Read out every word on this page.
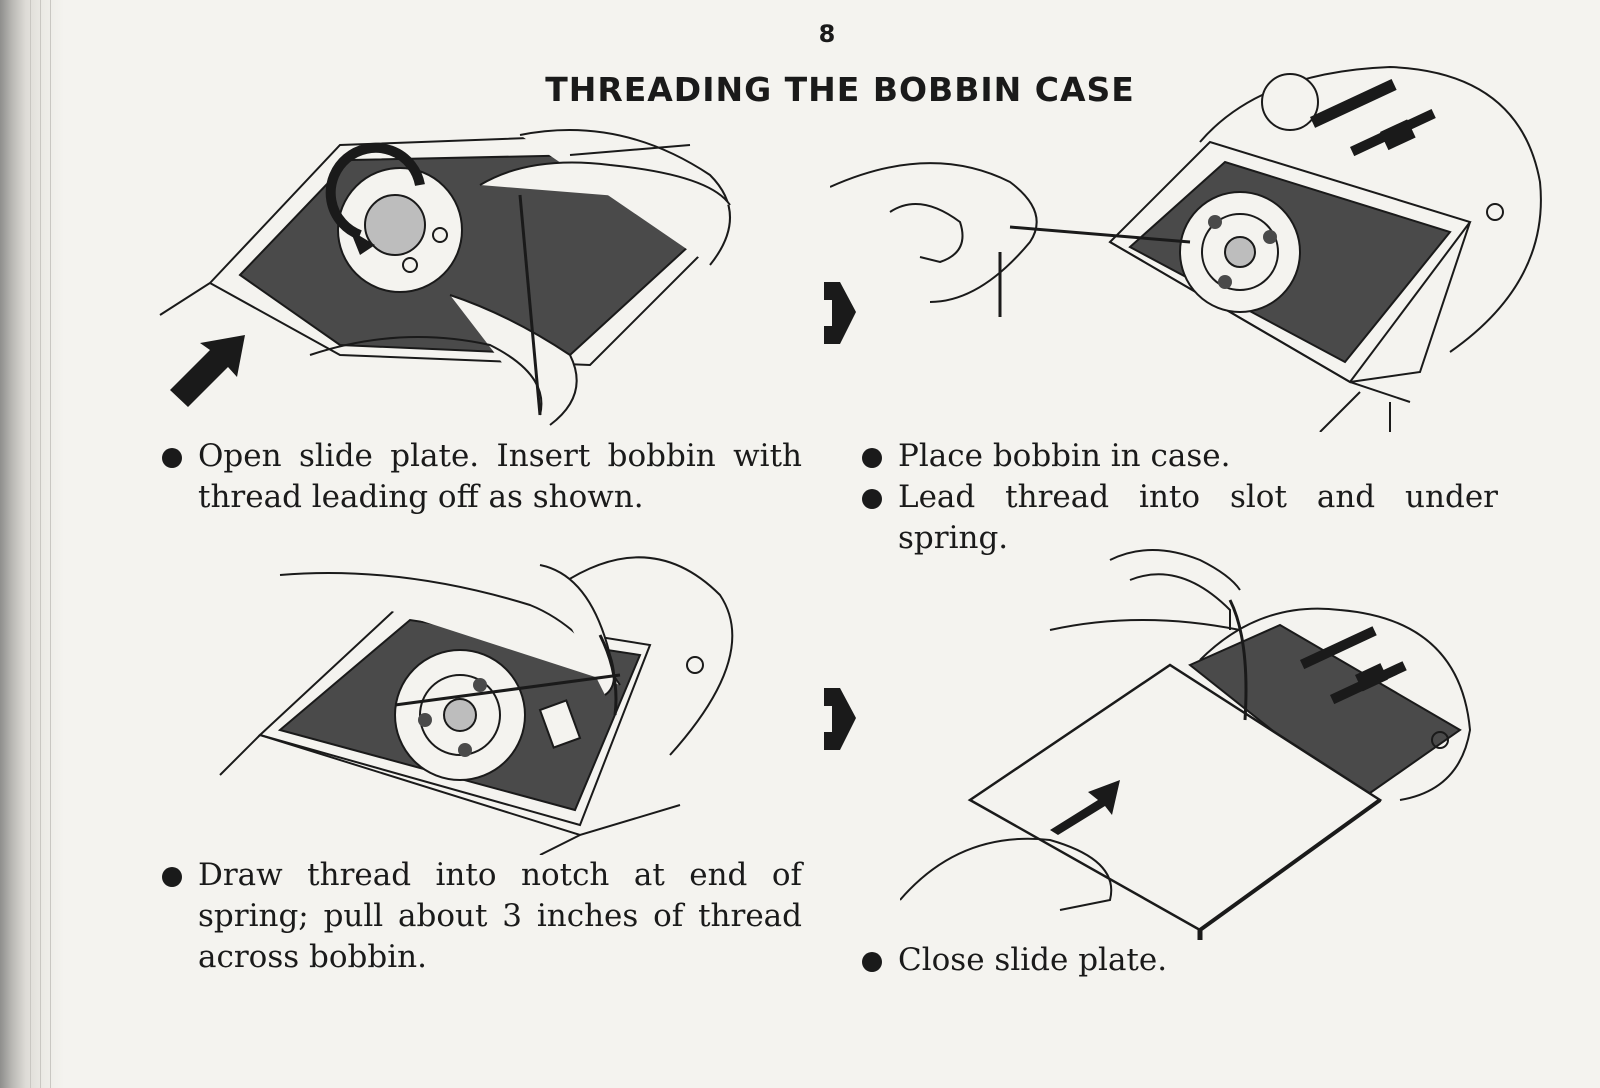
8
THREADING THE BOBBIN CASE
Open slide plate. Insert bobbin with thread leading off as shown.
Place bobbin in case.
Lead thread into slot and under spring.
Draw thread into notch at end of spring; pull about 3 inches of thread across bobbin.	Close slide plate.
